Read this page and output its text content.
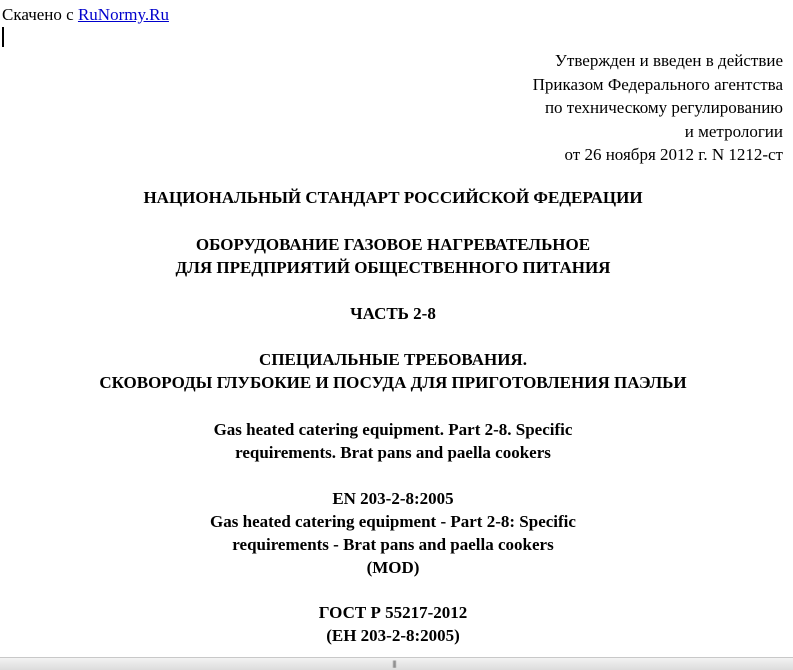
Скачено с RuNormy.Ru
Утвержден и введен в действие
Приказом Федерального агентства
по техническому регулированию
и метрологии
от 26 ноября 2012 г. N 1212-ст
НАЦИОНАЛЬНЫЙ СТАНДАРТ РОССИЙСКОЙ ФЕДЕРАЦИИ
ОБОРУДОВАНИЕ ГАЗОВОЕ НАГРЕВАТЕЛЬНОЕ
ДЛЯ ПРЕДПРИЯТИЙ ОБЩЕСТВЕННОГО ПИТАНИЯ
ЧАСТЬ 2-8
СПЕЦИАЛЬНЫЕ ТРЕБОВАНИЯ.
СКОВОРОДЫ ГЛУБОКИЕ И ПОСУДА ДЛЯ ПРИГОТОВЛЕНИЯ ПАЭЛЬИ
Gas heated catering equipment. Part 2-8. Specific
requirements. Brat pans and paella cookers
EN 203-2-8:2005
Gas heated catering equipment - Part 2-8: Specific
requirements - Brat pans and paella cookers
(MOD)
ГОСТ Р 55217-2012
(ЕН 203-2-8:2005)
|||
